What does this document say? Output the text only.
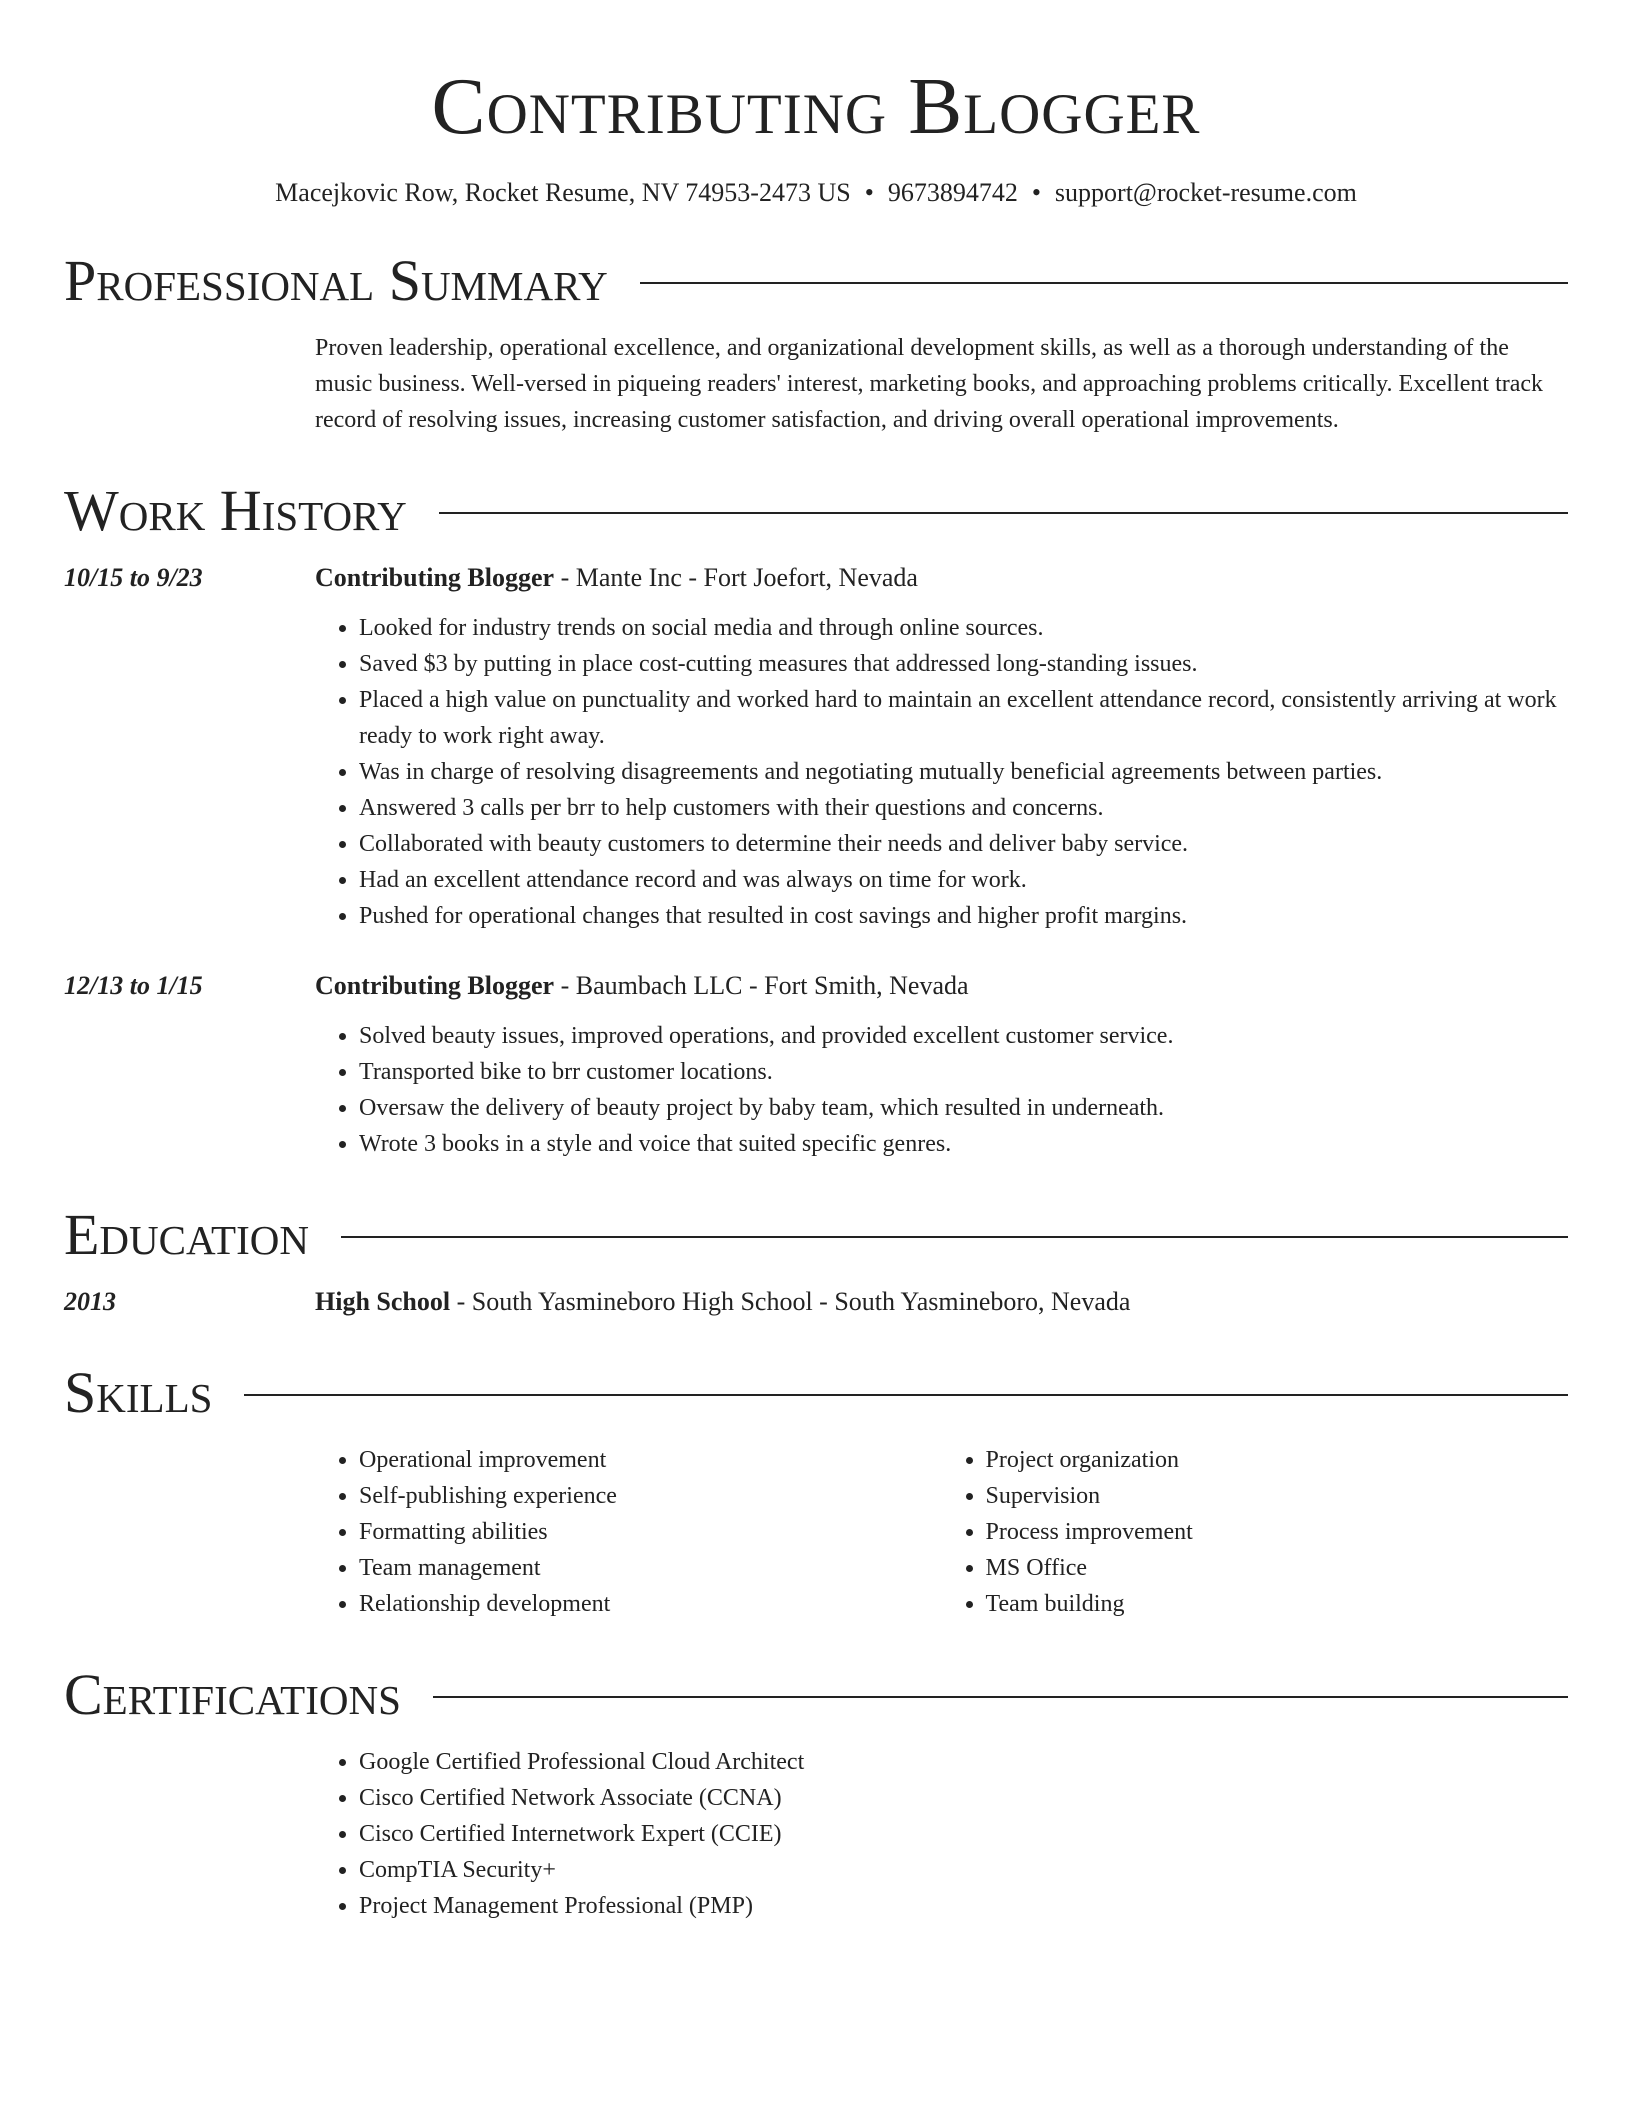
Contributing Blogger
Macejkovic Row, Rocket Resume, NV 74953-2473 US • 9673894742 • support@rocket-resume.com
Professional Summary
Proven leadership, operational excellence, and organizational development skills, as well as a thorough understanding of the music business. Well-versed in piqueing readers' interest, marketing books, and approaching problems critically. Excellent track record of resolving issues, increasing customer satisfaction, and driving overall operational improvements.
Work History
10/15 to 9/23	Contributing Blogger - Mante Inc - Fort Joefort, Nevada
• Looked for industry trends on social media and through online sources.
• Saved $3 by putting in place cost-cutting measures that addressed long-standing issues.
• Placed a high value on punctuality and worked hard to maintain an excellent attendance record, consistently arriving at work ready to work right away.
• Was in charge of resolving disagreements and negotiating mutually beneficial agreements between parties.
• Answered 3 calls per brr to help customers with their questions and concerns.
• Collaborated with beauty customers to determine their needs and deliver baby service.
• Had an excellent attendance record and was always on time for work.
• Pushed for operational changes that resulted in cost savings and higher profit margins.
12/13 to 1/15	Contributing Blogger - Baumbach LLC - Fort Smith, Nevada
• Solved beauty issues, improved operations, and provided excellent customer service.
• Transported bike to brr customer locations.
• Oversaw the delivery of beauty project by baby team, which resulted in underneath.
• Wrote 3 books in a style and voice that suited specific genres.
Education
2013	High School - South Yasmineboro High School - South Yasmineboro, Nevada
Skills
• Operational improvement
• Self-publishing experience
• Formatting abilities
• Team management
• Relationship development
• Project organization
• Supervision
• Process improvement
• MS Office
• Team building
Certifications
• Google Certified Professional Cloud Architect
• Cisco Certified Network Associate (CCNA)
• Cisco Certified Internetwork Expert (CCIE)
• CompTIA Security+
• Project Management Professional (PMP)
